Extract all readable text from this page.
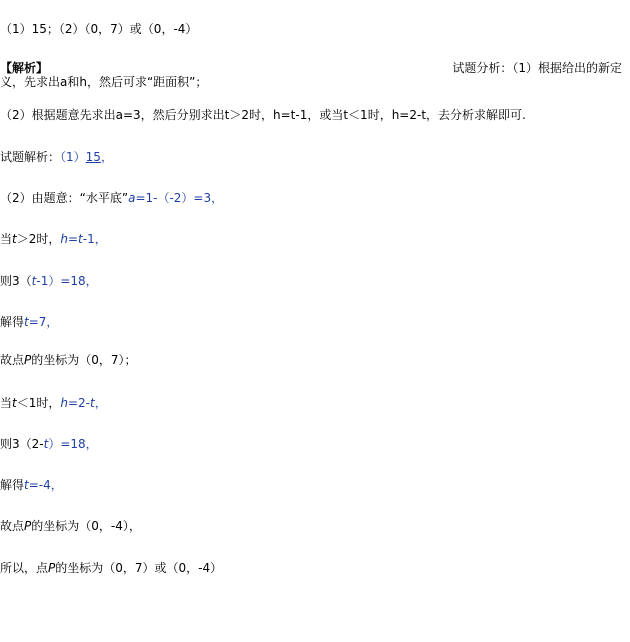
（1）15；（2）（0，7）或（0，-4）
【解析】	试题分析：（1）根据给出的新定
义，先求出a和h，然后可求“距面积”；
（2）根据题意先求出a=3，然后分别求出t＞2时，h=t-1，或当t＜1时，h=2-t，去分析求解即可.
试题解析：（1）15，
（2）由题意：“水平底”a=1-（-2）=3，
当t＞2时，h=t-1，
则3（t-1）=18，
解得t=7，
故点P的坐标为（0，7）；
当t＜1时，h=2-t，
则3（2-t）=18，
解得t=-4，
故点P的坐标为（0，-4），
所以，点P的坐标为（0，7）或（0，-4）
